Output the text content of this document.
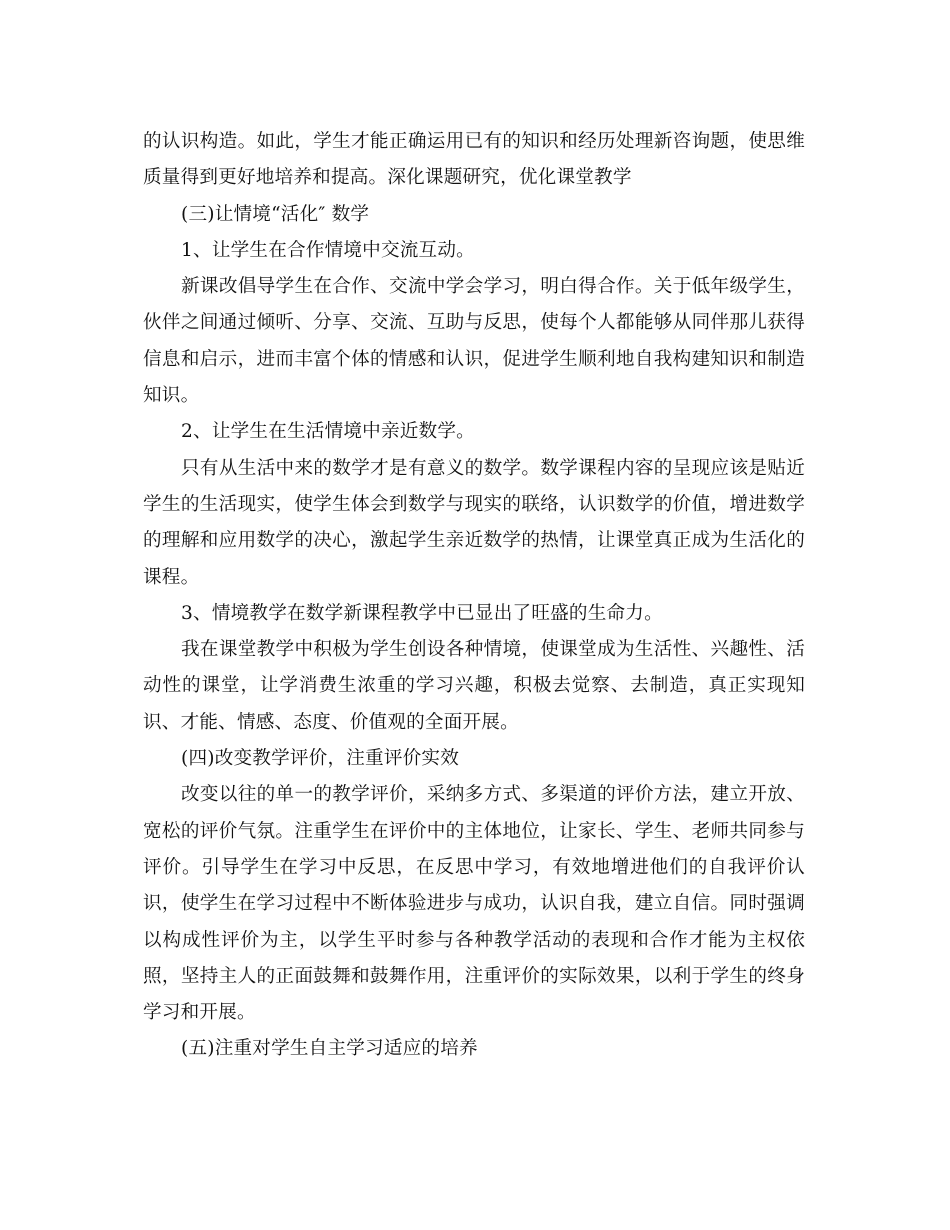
的认识构造。如此，学生才能正确运用已有的知识和经历处理新咨询题，使思维质量得到更好地培养和提高。深化课题研究，优化课堂教学

(三)让情境“活化″ 数学

1、让学生在合作情境中交流互动。

新课改倡导学生在合作、交流中学会学习，明白得合作。关于低年级学生，伙伴之间通过倾听、分享、交流、互助与反思，使每个人都能够从同伴那儿获得信息和启示，进而丰富个体的情感和认识，促进学生顺利地自我构建知识和制造知识。

2、让学生在生活情境中亲近数学。

只有从生活中来的数学才是有意义的数学。数学课程内容的呈现应该是贴近学生的生活现实，使学生体会到数学与现实的联络，认识数学的价值，增进数学的理解和应用数学的决心，激起学生亲近数学的热情，让课堂真正成为生活化的课程。

3、情境教学在数学新课程教学中已显出了旺盛的生命力。

我在课堂教学中积极为学生创设各种情境，使课堂成为生活性、兴趣性、活动性的课堂，让学消费生浓重的学习兴趣，积极去觉察、去制造，真正实现知识、才能、情感、态度、价值观的全面开展。

(四)改变教学评价，注重评价实效

改变以往的单一的教学评价，采纳多方式、多渠道的评价方法，建立开放、宽松的评价气氛。注重学生在评价中的主体地位，让家长、学生、老师共同参与评价。引导学生在学习中反思，在反思中学习，有效地增进他们的自我评价认识，使学生在学习过程中不断体验进步与成功，认识自我，建立自信。同时强调以构成性评价为主，以学生平时参与各种教学活动的表现和合作才能为主权依照，坚持主人的正面鼓舞和鼓舞作用，注重评价的实际效果，以利于学生的终身学习和开展。

(五)注重对学生自主学习适应的培养
